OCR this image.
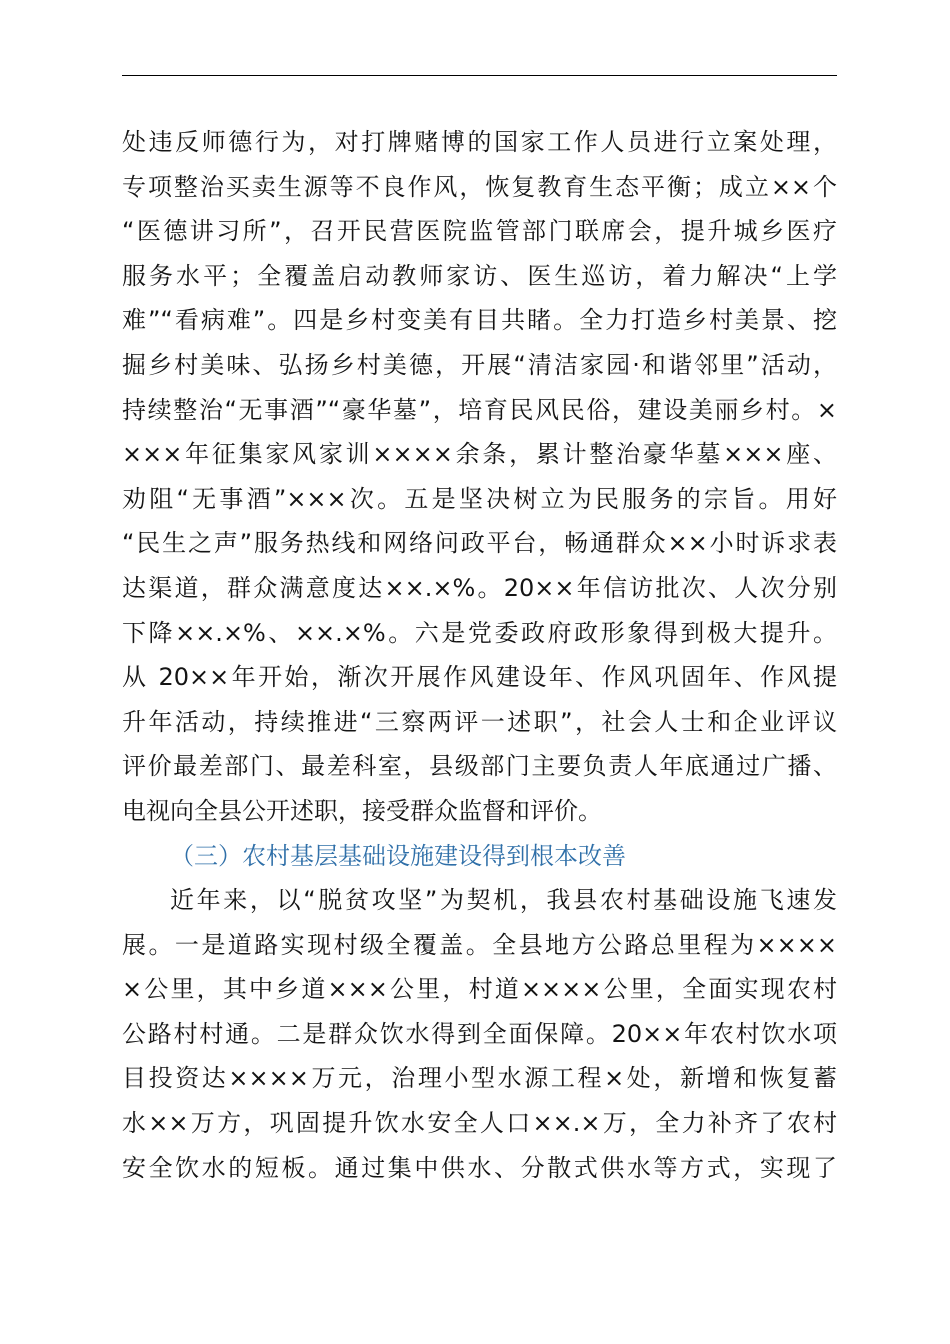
处违反师德行为，对打牌赌博的国家工作人员进行立案处理，
专项整治买卖生源等不良作风，恢复教育生态平衡；成立××个
“医德讲习所”，召开民营医院监管部门联席会，提升城乡医疗
服务水平；全覆盖启动教师家访、医生巡访，着力解决“上学
难”“看病难”。四是乡村变美有目共睹。全力打造乡村美景、挖
掘乡村美味、弘扬乡村美德，开展“清洁家园·和谐邻里”活动，
持续整治“无事酒”“豪华墓”，培育民风民俗，建设美丽乡村。×
×××年征集家风家训××××余条，累计整治豪华墓×××座、
劝阻“无事酒”×××次。五是坚决树立为民服务的宗旨。用好
“民生之声”服务热线和网络问政平台，畅通群众××小时诉求表
达渠道，群众满意度达××.×%。20××年信访批次、人次分别
下降××.×%、××.×%。六是党委政府政形象得到极大提升。
从 20××年开始，渐次开展作风建设年、作风巩固年、作风提
升年活动，持续推进“三察两评一述职”，社会人士和企业评议
评价最差部门、最差科室，县级部门主要负责人年底通过广播、
电视向全县公开述职，接受群众监督和评价。
（三）农村基层基础设施建设得到根本改善
近年来，以“脱贫攻坚”为契机，我县农村基础设施飞速发
展。一是道路实现村级全覆盖。全县地方公路总里程为××××
×公里，其中乡道×××公里，村道××××公里，全面实现农村
公路村村通。二是群众饮水得到全面保障。20××年农村饮水项
目投资达××××万元，治理小型水源工程×处，新增和恢复蓄
水××万方，巩固提升饮水安全人口××.×万，全力补齐了农村
安全饮水的短板。通过集中供水、分散式供水等方式，实现了
